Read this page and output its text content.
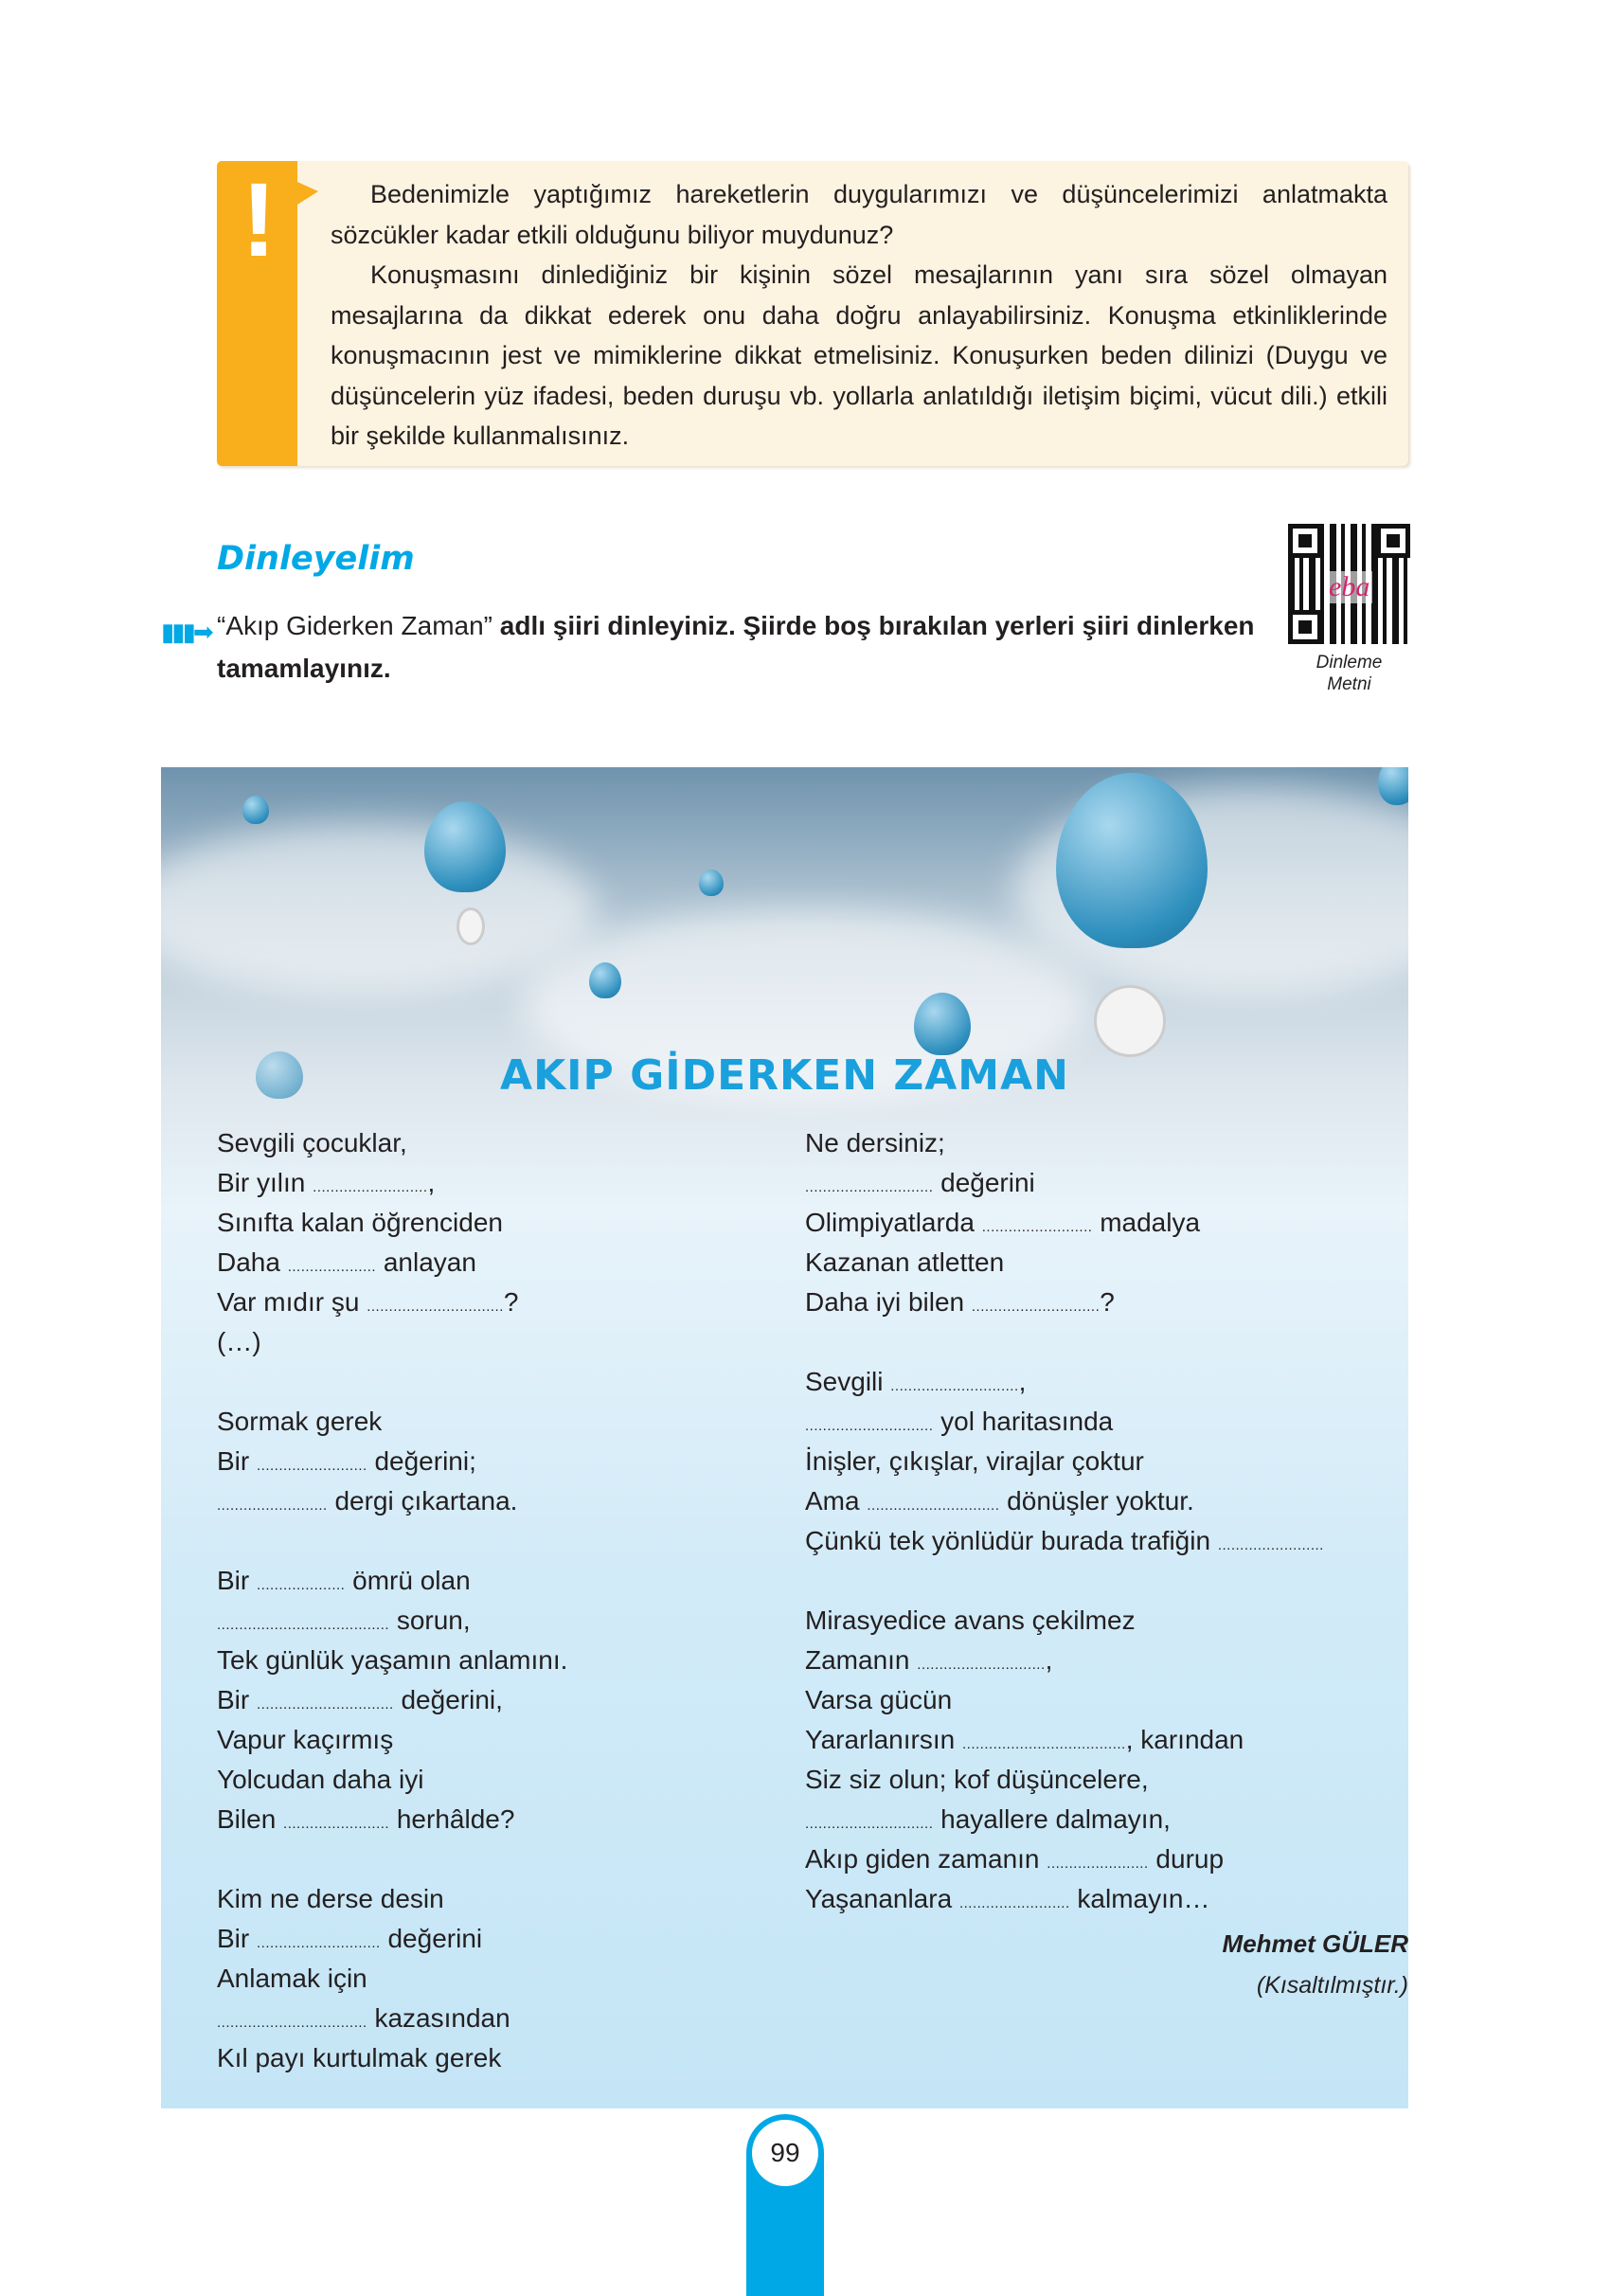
!	Bedenimizle yaptığımız hareketlerin duygularımızı ve düşüncelerimizi anlatmakta sözcükler kadar etkili olduğunu biliyor muydunuz?

Konuşmasını dinlediğiniz bir kişinin sözel mesajlarının yanı sıra sözel olmayan mesajlarına da dikkat ederek onu daha doğru anlayabilirsiniz. Konuşma etkinliklerinde konuşmacının jest ve mimiklerine dikkat etmelisiniz. Konuşurken beden dilinizi (Duygu ve düşüncelerin yüz ifadesi, beden duruşu vb. yollarla anlatıldığı iletişim biçimi, vücut dili.) etkili bir şekilde kullanmalısınız.

Dinleyelim
▮▮▮➡ “Akıp Giderken Zaman” adlı şiiri dinleyiniz. Şiirde boş bırakılan yerleri şiiri dinlerken tamamlayınız.
eba
Dinleme
Metni
AKIP GİDERKEN ZAMAN
Sevgili çocuklar,
Bir yılın ..........................,
Sınıfta kalan öğrenciden
Daha .................... anlayan
Var mıdır şu ...............................?
(…)
Sormak gerek
Bir ......................... değerini;
......................... dergi çıkartana.
Bir .................... ömrü olan
....................................... sorun,
Tek günlük yaşamın anlamını.
Bir ............................... değerini,
Vapur kaçırmış
Yolcudan daha iyi
Bilen ........................ herhâlde?
Kim ne derse desin
Bir ............................ değerini
Anlamak için
.................................. kazasından
Kıl payı kurtulmak gerek
Ne dersiniz;
............................. değerini
Olimpiyatlarda ......................... madalya
Kazanan atletten
Daha iyi bilen .............................?
Sevgili .............................,
............................. yol haritasında
İnişler, çıkışlar, virajlar çoktur
Ama .............................. dönüşler yoktur.
Çünkü tek yönlüdür burada trafiğin ........................
Mirasyedice avans çekilmez
Zamanın .............................,
Varsa gücün
Yararlanırsın ....................................., karından
Siz siz olun; kof düşüncelere,
............................. hayallere dalmayın,
Akıp giden zamanın ....................... durup
Yaşananlara ......................... kalmayın…
Mehmet GÜLER
(Kısaltılmıştır.)
99
